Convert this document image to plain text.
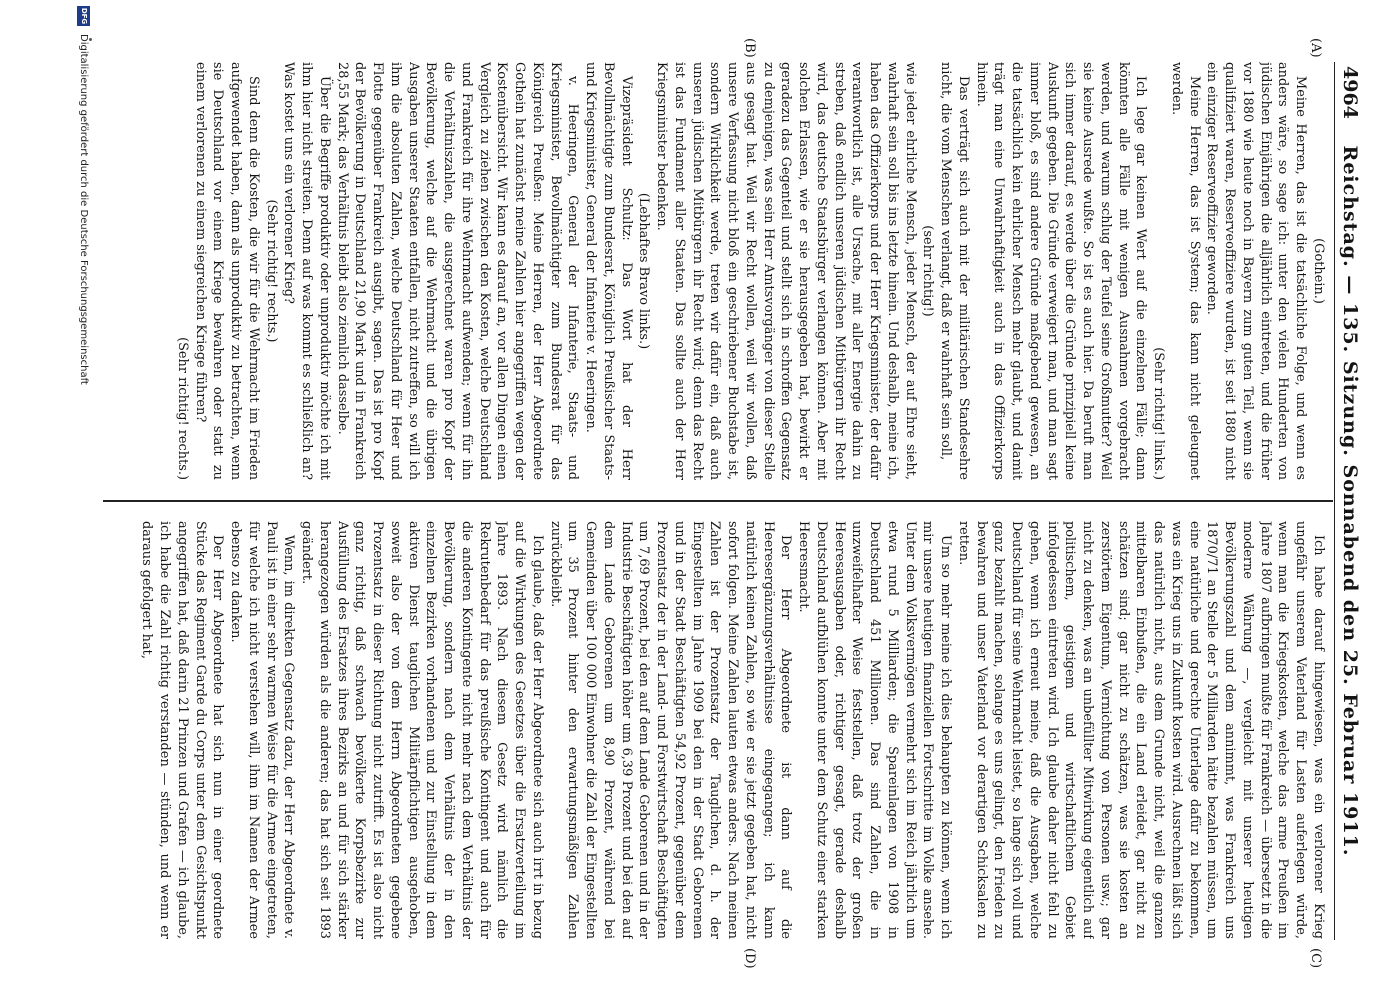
4964
Reichstag. — 135. Sitzung. Sonnabend den 25. Februar 1911.
(A)
(B)
(C)
(D)

(Gothein.)

Meine Herren, das ist die tatsächliche Folge, und wenn es anders wäre, so sage ich: unter den vielen Hunderten von jüdischen Einjährigen die alljährlich eintreten, und die früher vor 1880 wie heute noch in Bayern zum guten Teil, wenn sie qualifiziert waren, Reserveoffiziere wurden, ist seit 1880 nicht ein einziger Reserveoffizier geworden.

Meine Herren, das ist System; das kann nicht geleugnet werden.

(Sehr richtig! links.)

Ich lege gar keinen Wert auf die einzelnen Fälle; dann könnten alle Fälle mit wenigen Ausnahmen vorgebracht werden, und warum schlug der Teufel seine Großmutter? Weil sie keine Ausrede wußte. So ist es auch hier. Da beruft man sich immer darauf, es werde über die Gründe prinzipiell keine Auskunft gegeben. Die Gründe verweigert man, und man sagt immer bloß, es sind andere Gründe maßgebend gewesen, an die tatsächlich kein ehrlicher Mensch mehr glaubt, und damit trägt man eine Unwahrhaftigkeit auch in das Offizierkorps hinein.

Das verträgt sich auch mit der militärischen Standesehre nicht, die vom Menschen verlangt, daß er wahrhaft sein soll,

(sehr richtig!)

wie jeder ehrliche Mensch, jeder Mensch, der auf Ehre sieht, wahrhaft sein soll bis ins letzte hinein. Und deshalb, meine ich, haben das Offizierkorps und der Herr Kriegsminister, der dafür verantwortlich ist, alle Ursache, mit aller Energie dahin zu streben, daß endlich unseren jüdischen Mitbürgern ihr Recht wird, das deutsche Staatsbürger verlangen können. Aber mit solchen Erlassen, wie er sie herausgegeben hat, bewirkt er geradezu das Gegenteil und stellt sich in schroffen Gegensatz zu demjenigen, was sein Herr Amtsvorgänger von dieser Stelle aus gesagt hat. Weil wir Recht wollen, weil wir wollen, daß unsere Verfassung nicht bloß ein geschriebener Buchstabe ist, sondern Wirklichkeit werde, treten wir dafür ein, daß auch unseren jüdischen Mitbürgern ihr Recht wird; denn das Recht ist das Fundament aller Staaten. Das sollte auch der Herr Kriegsminister bedenken.

(Lebhaftes Bravo links.)

Vizepräsident Schultz: Das Wort hat der Herr Bevollmächtigte zum Bundesrat, Königlich Preußischer Staats- und Kriegsminister, General der Infanterie v. Heeringen.

v. Heeringen, General der Infanterie, Staats- und Kriegsminister, Bevollmächtigter zum Bundesrat für das Königreich Preußen: Meine Herren, der Herr Abgeordnete Gothein hat zunächst meine Zahlen hier angegriffen wegen der Kostenübersicht. Wir kann es darauf an, vor allen Dingen einen Vergleich zu ziehen zwischen den Kosten, welche Deutschland und Frankreich für ihre Wehrmacht aufwenden; wenn für ihn die Verhältniszahlen, die ausgerechnet waren pro Kopf der Bevölkerung, welche auf die Wehrmacht und die übrigen Ausgaben unserer Staaten entfallen, nicht zutreffen, so will ich ihm die absoluten Zahlen, welche Deutschland für Heer und Flotte gegenüber Frankreich ausgibt, sagen. Das ist pro Kopf der Bevölkerung in Deutschland 21,90 Mark und in Frankreich 28,55 Mark; das Verhältnis bleibt also ziemlich dasselbe.

Über die Begriffe produktiv oder unproduktiv möchte ich mit ihm hier nicht streiten. Denn auf was kommt es schließlich an? Was kostet uns ein verlorener Krieg?

(Sehr richtig! rechts.)

Sind denn die Kosten, die wir für die Wehrmacht im Frieden aufgewendet haben, dann als unproduktiv zu betrachten, wenn sie Deutschland vor einem Kriege bewahren oder statt zu einem verlorenen zu einem siegreichen Kriege führen?

(Sehr richtig! rechts.)

Ich habe darauf hingewiesen, was ein verlorener Krieg ungefähr unserem Vaterland für Lasten auferlegen würde, wenn man die Kriegskosten, welche das arme Preußen im Jahre 1807 aufbringen mußte für Frankreich — übersetzt in die moderne Währung —, vergleicht mit unserer heutigen Bevölkerungszahl und dem annimmt, was Frankreich uns 1870/71 an Stelle der 5 Milliarden hätte bezahlen müssen, um eine natürliche und gerechte Unterlage dafür zu bekommen, was ein Krieg uns in Zukunft kosten wird. Ausrechnen läßt sich das natürlich nicht, aus dem Grunde nicht, weil die ganzen mittelbaren Einbußen, die ein Land erleidet, gar nicht zu schätzen sind; gar nicht zu schätzen, was sie kosten an zerstörtem Eigentum, Vernichtung von Personen usw.; gar nicht zu denken, was an unbefüllter Mitwirkung eigentlich auf politischem, geistigem und wirtschaftlichem Gebiet infolgedessen eintreten wird. Ich glaube daher nicht fehl zu gehen, wenn ich erneut meine, daß die Ausgaben, welche Deutschland für seine Wehrmacht leistet, so lange sich voll und ganz bezahlt machen, solange es uns gelingt, den Frieden zu bewahren und unser Vaterland vor derartigen Schicksalen zu retten.

Um so mehr meine ich dies behaupten zu können, wenn ich mir unsere heutigen finanziellen Fortschritte im Volke ansehe. Unter dem Volksvermögen vermehrt sich im Reich jährlich um etwa rund 5 Milliarden; die Spareinlagen von 1908 in Deutschland 451 Millionen. Das sind Zahlen, die in unzweifelhafter Weise feststellen, daß trotz der großen Heeresausgaben oder, richtiger gesagt, gerade deshalb Deutschland aufblühen konnte unter dem Schutz einer starken Heeresmacht.

Der Herr Abgeordnete ist dann auf die Heeresergänzungsverhältnisse eingegangen; ich kann natürlich keinen Zahlen, so wie er sie jetzt gegeben hat, nicht sofort folgen. Meine Zahlen lauten etwas anders. Nach meinen Zahlen ist der Prozentsatz der Tauglichen, d. h. der Eingestellten im Jahre 1909 bei den in der Stadt Geborenen und in der Stadt Beschäftigten 54,92 Prozent, gegenüber dem Prozentsatz der in der Land- und Forstwirtschaft Beschäftigten um 7,69 Prozent, bei den auf dem Lande Geborenen und in der Industrie Beschäftigten höher um 6,39 Prozent und bei den auf dem Lande Geborenen um 8,90 Prozent, während bei Gemeinden über 100 000 Einwohner die Zahl der Eingestellten um 35 Prozent hinter den erwartungsmäßigen Zahlen zurückbleibt.

Ich glaube, daß der Herr Abgeordnete sich auch irrt in bezug auf die Wirkungen des Gesetzes über die Ersatzverteilung im Jahre 1893. Nach diesem Gesetz wird nämlich die Rekrutenbedarf für das preußische Kontingent und auch für die anderen Kontingente nicht mehr nach dem Verhältnis der Bevölkerung, sondern nach dem Verhältnis der in den einzelnen Bezirken vorhandenen und zur Einstellung in dem aktiven Dienst tauglichen Militärpflichtigen ausgehoben, soweit also der von dem Herrn Abgeordneten gegebene Prozentsatz in dieser Richtung nicht zutrifft. Es ist also nicht ganz richtig, daß schwach bevölkerte Korpsbezirke zur Ausfüllung des Ersatzes ihres Bezirks an und für sich stärker herangezogen würden als die anderen; das hat sich seit 1893 geändert.

Wenn, im direkten Gegensatz dazu, der Herr Abgeordnete v. Pauli ist in einer sehr warmen Weise für die Armee eingetreten, für welche ich nicht verstehen will, ihm im Namen der Armee ebenso zu danken.

Der Herr Abgeordnete hat sich nun in einer geordnete Stücke das Regiment Garde du Corps unter dem Gesichtspunkt angegriffen hat, daß darin 21 Prinzen und Grafen — ich glaube, ich habe die Zahl richtig verstanden — stünden, und wenn er daraus gefolgert hat,

DFG
Digitalisierung gefördert durch die Deutsche Forschungsgemeinschaft
